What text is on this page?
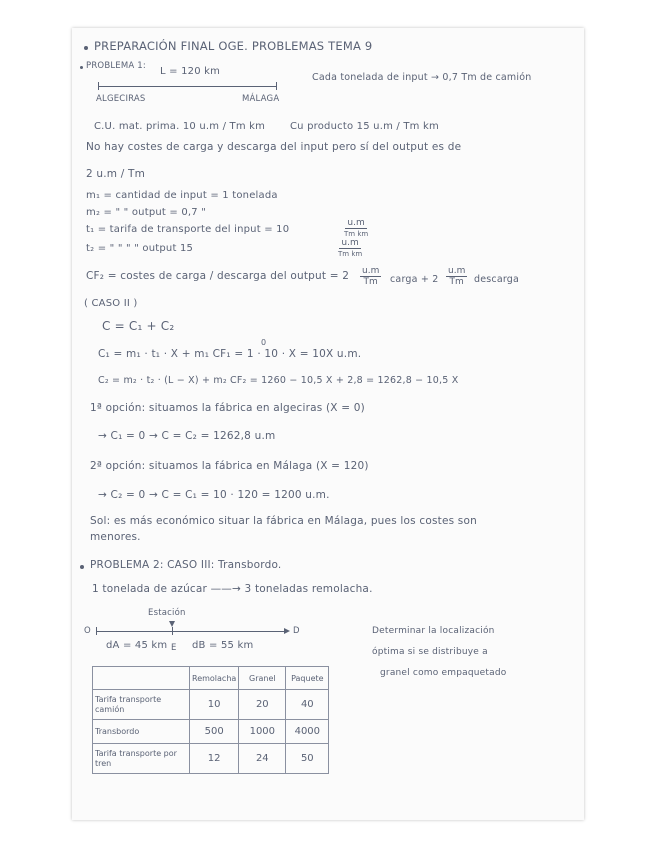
PREPARACIÓN FINAL OGE. PROBLEMAS TEMA 9
PROBLEMA 1: L = 120 km
ALGECIRAS	MÁLAGA
Cada tonelada de input → 0,7 Tm de camión
C.U. mat. prima. 10 u.m / Tm km Cu producto 15 u.m / Tm km
No hay costes de carga y descarga del input pero sí del output es de
2 u.m / Tm
m₁ = cantidad de input = 1 tonelada
m₂ = " " output = 0,7 "
t₁ = tarifa de transporte del input = 10
u.m
Tm km
t₂ = " " " " output 15	u.m
Tm km
CF₂ = costes de carga / descarga del output = $2 \frac{u.m}{Tm}$ carga + $2 \frac{u.m}{Tm}$ descarga
( CASO II )
C = C₁ + C₂
0
C₁ = m₁ · t₁ · X + m₁ CF₁ = 1 · 10 · X = 10X u.m.
C₂ = m₂ · t₂ · (L − X) + m₂ CF₂ = 1260 − 10,5 X + 2,8 = 1262,8 − 10,5 X
1ª opción: situamos la fábrica en algeciras (X = 0)
→ C₁ = 0 → C = C₂ = 1262,8 u.m
2ª opción: situamos la fábrica en Málaga (X = 120)
→ C₂ = 0 → C = C₁ = 10 · 120 = 1200 u.m.
Sol: es más económico situar la fábrica en Málaga, pues los costes son
menores.
PROBLEMA 2: CASO III: Transbordo.
1 tonelada de azúcar ——→ 3 toneladas remolacha.
Estación
O	D
dA = 45 km E dB = 55 km
Determinar la localización
óptima si se distribuye a
granel como empaquetado
	Remolacha	Granel	Paquete
Tarifa transporte camión	10	20	40
Transbordo	500	1000	4000
Tarifa transporte por tren	12	24	50
